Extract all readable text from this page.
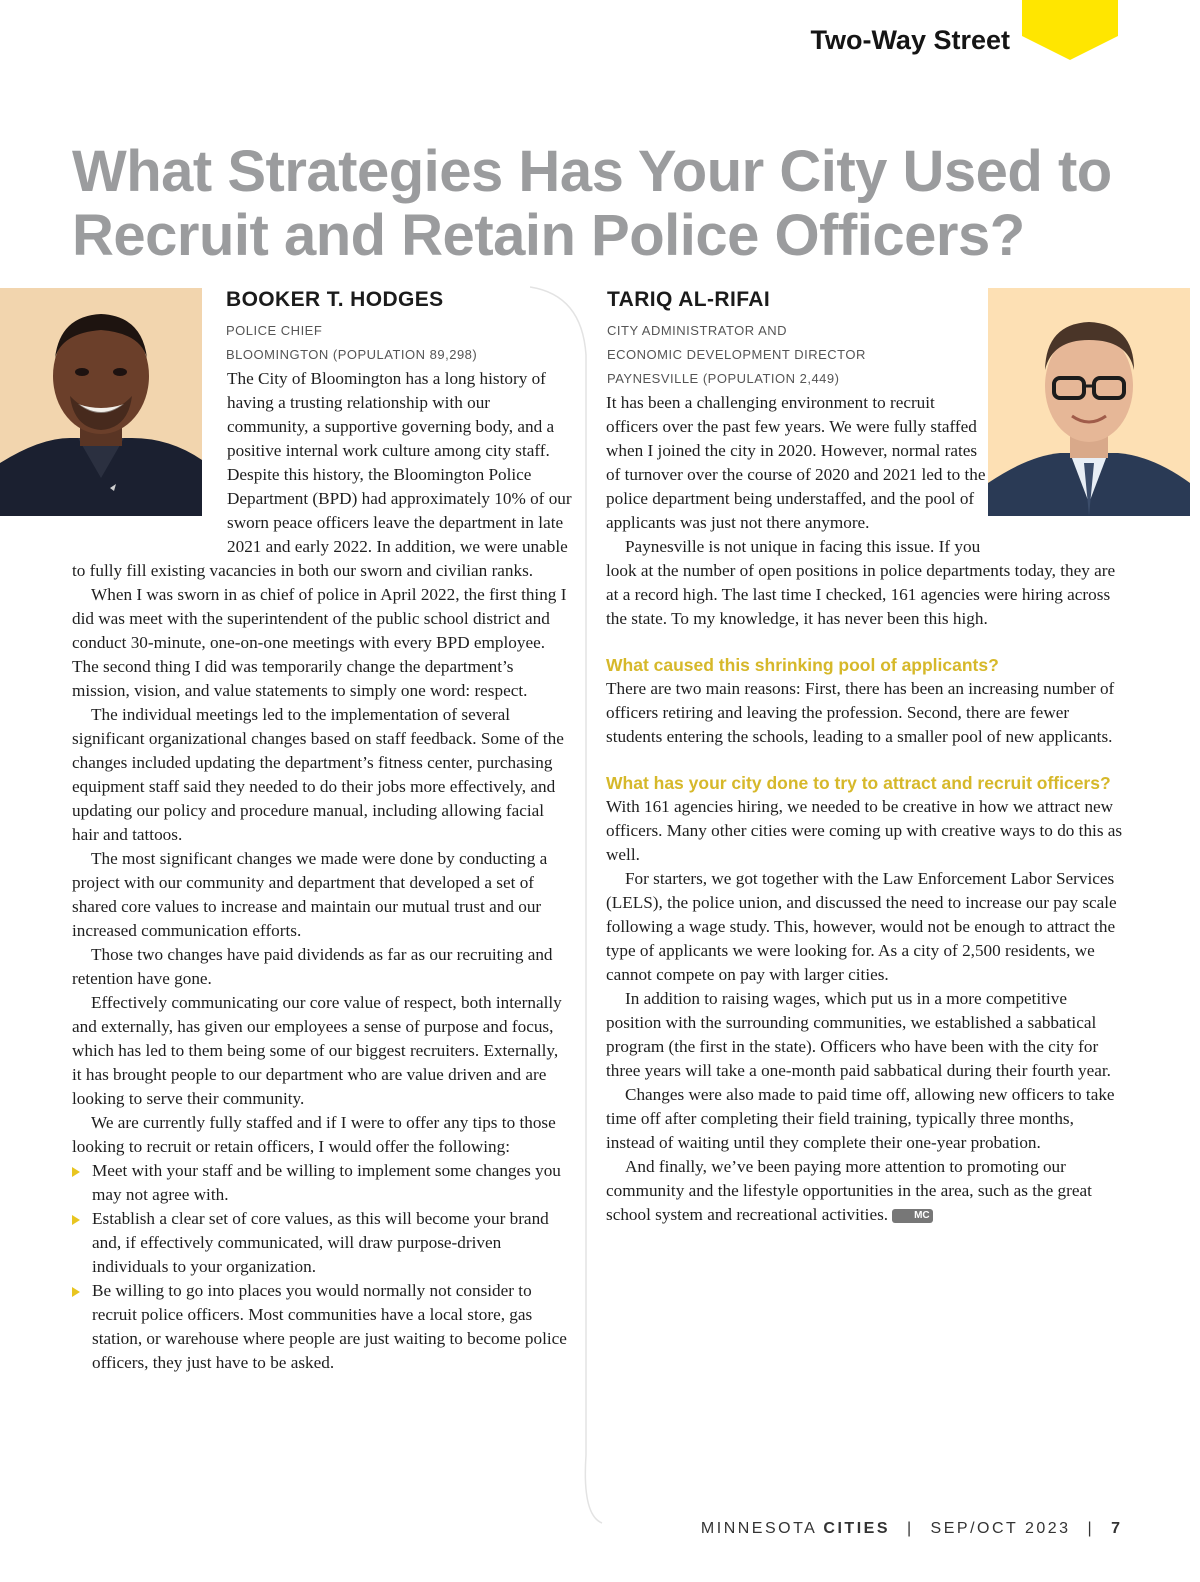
Two-Way Street
What Strategies Has Your City Used to Recruit and Retain Police Officers?
BOOKER T. HODGES
POLICE CHIEF
BLOOMINGTON (POPULATION 89,298)
TARIQ AL-RIFAI
CITY ADMINISTRATOR AND
ECONOMIC DEVELOPMENT DIRECTOR
PAYNESVILLE (POPULATION 2,449)

The City of Bloomington has a long history of having a trusting relationship with our community, a supportive governing body, and a positive internal work culture among city staff. Despite this history, the Bloomington Police Department (BPD) had approximately 10% of our sworn peace officers leave the department in late 2021 and early 2022. In addition, we were unable to fully fill existing vacancies in both our sworn and civilian ranks.

When I was sworn in as chief of police in April 2022, the first thing I did was meet with the superintendent of the public school district and conduct 30-minute, one-on-one meetings with every BPD employee. The second thing I did was temporarily change the department’s mission, vision, and value statements to simply one word: respect.

The individual meetings led to the implementation of several significant organizational changes based on staff feedback. Some of the changes included updating the department’s fitness center, purchasing equipment staff said they needed to do their jobs more effectively, and updating our policy and procedure manual, including allowing facial hair and tattoos.

The most significant changes we made were done by conducting a project with our community and department that developed a set of shared core values to increase and maintain our mutual trust and our increased communication efforts.

Those two changes have paid dividends as far as our recruiting and retention have gone.

Effectively communicating our core value of respect, both internally and externally, has given our employees a sense of purpose and focus, which has led to them being some of our biggest recruiters. Externally, it has brought people to our department who are value driven and are looking to serve their community.

We are currently fully staffed and if I were to offer any tips to those looking to recruit or retain officers, I would offer the following:

Meet with your staff and be willing to implement some changes you may not agree with.
Establish a clear set of core values, as this will become your brand and, if effectively communicated, will draw purpose-driven individuals to your organization.
Be willing to go into places you would normally not consider to recruit police officers. Most communities have a local store, gas station, or warehouse where people are just waiting to become police officers, they just have to be asked.

It has been a challenging environment to recruit officers over the past few years. We were fully staffed when I joined the city in 2020. However, normal rates of turnover over the course of 2020 and 2021 led to the police department being understaffed, and the pool of applicants was just not there anymore.

Paynesville is not unique in facing this issue. If you look at the number of open positions in police departments today, they are at a record high. The last time I checked, 161 agencies were hiring across the state. To my knowledge, it has never been this high.

What caused this shrinking pool of applicants?

There are two main reasons: First, there has been an increasing number of officers retiring and leaving the profession. Second, there are fewer students entering the schools, leading to a smaller pool of new applicants.

What has your city done to try to attract and recruit officers?

With 161 agencies hiring, we needed to be creative in how we attract new officers. Many other cities were coming up with creative ways to do this as well.

For starters, we got together with the Law Enforcement Labor Services (LELS), the police union, and discussed the need to increase our pay scale following a wage study. This, however, would not be enough to attract the type of applicants we were looking for. As a city of 2,500 residents, we cannot compete on pay with larger cities.

In addition to raising wages, which put us in a more competitive position with the surrounding communities, we established a sabbatical program (the first in the state). Officers who have been with the city for three years will take a one-month paid sabbatical during their fourth year.

Changes were also made to paid time off, allowing new officers to take time off after completing their field training, typically three months, instead of waiting until they complete their one-year probation.

And finally, we’ve been paying more attention to promoting our community and the lifestyle opportunities in the area, such as the great school system and recreational activities.	MC

MINNESOTA CITIES | SEP/OCT 2023 | 7
